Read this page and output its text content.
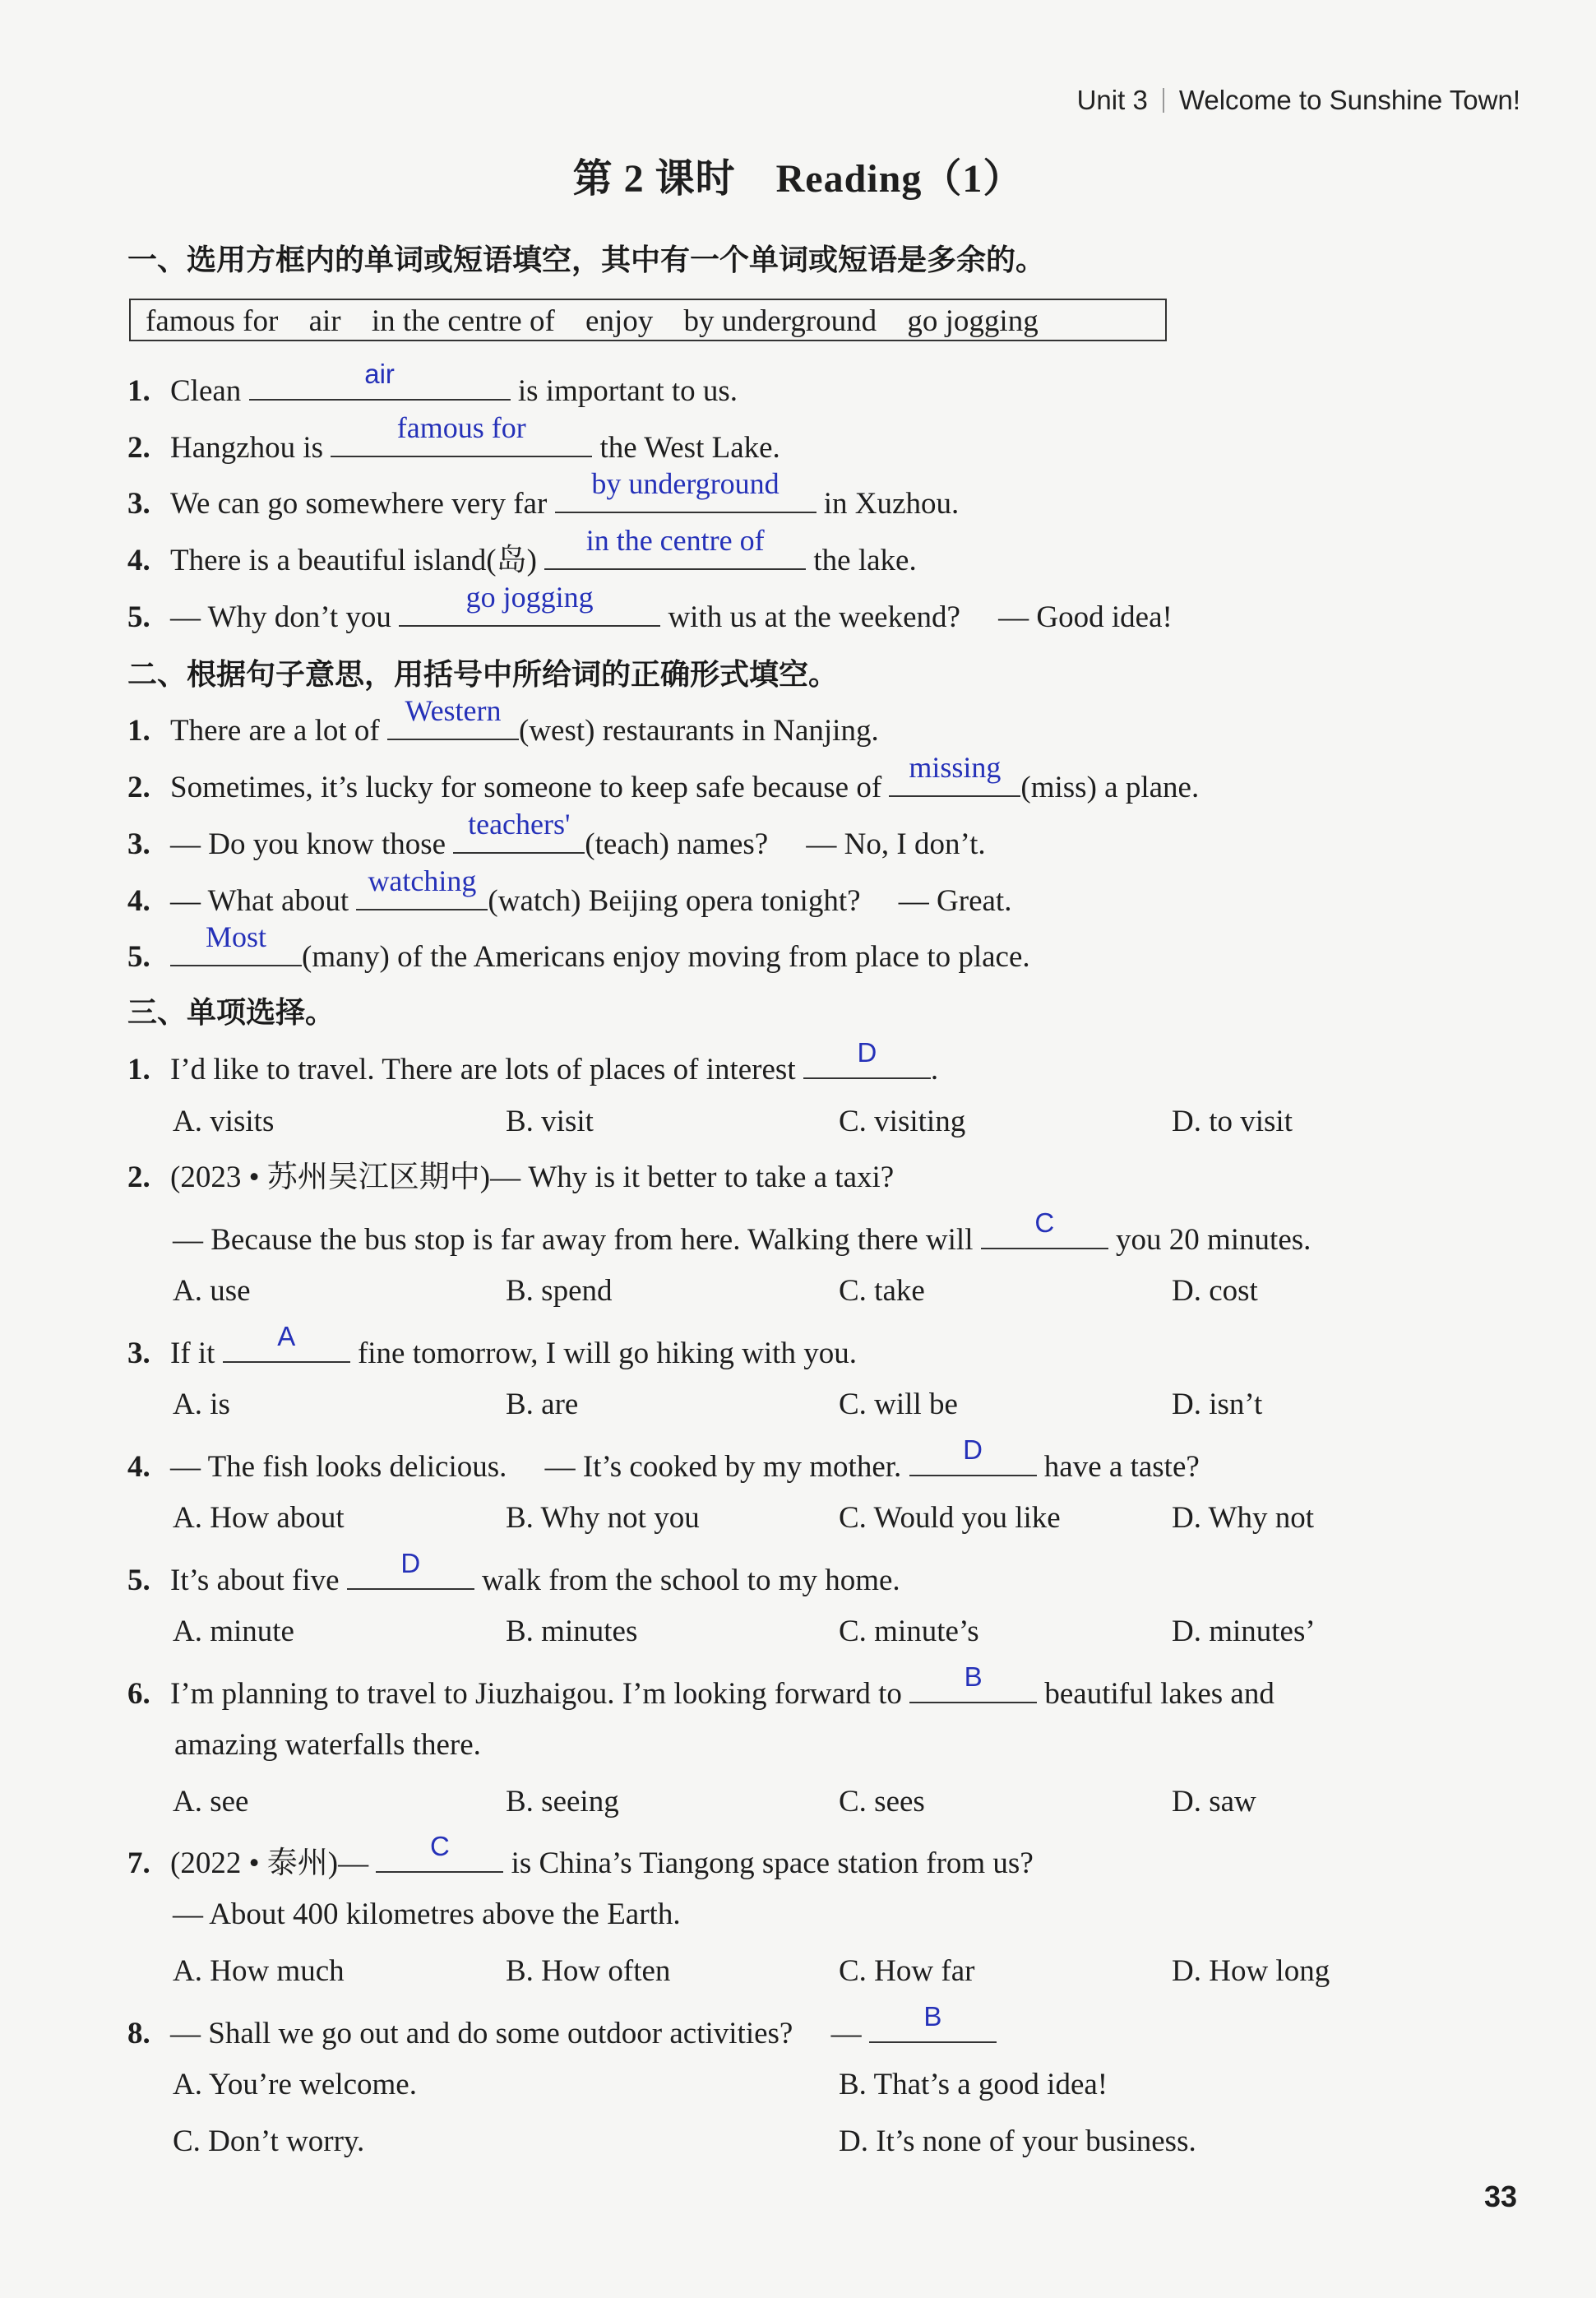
Unit 3 Welcome to Sunshine Town!
第 2 课时　Reading（1）
一、选用方框内的单词或短语填空，其中有一个单词或短语是多余的。
famous for air in the centre of enjoy by underground go jogging
1. Clean
air
is important to us.
2. Hangzhou is
famous for
the West Lake.
3. We can go somewhere very far
by underground
in Xuzhou.
4. There is a beautiful island(岛)
in the centre of
the lake.
5. — Why don’t you
go jogging
with us at the weekend?　 — Good idea!
二、根据句子意思，用括号中所给词的正确形式填空。
1. There are a lot of
Western
(west) restaurants in Nanjing.
2. Sometimes, it’s lucky for someone to keep safe because of
missing
(miss) a plane.
3. — Do you know those
teachers'
(teach) names?　 — No, I don’t.
4. — What about
watching
(watch) Beijing opera tonight?　 — Great.
5.
Most
(many) of the Americans enjoy moving from place to place.
三、单项选择。
1. I’d like to travel. There are lots of places of interest
D
.
A. visits	B. visit	C. visiting	D. to visit
2. (2023 • 苏州吴江区期中)— Why is it better to take a taxi?
— Because the bus stop is far away from here. Walking there will
C
you 20 minutes.
A. use	B. spend	C. take	D. cost
3. If it
A
fine tomorrow, I will go hiking with you.
A. is	B. are	C. will be	D. isn’t
4. — The fish looks delicious.　 — It’s cooked by my mother.
D
have a taste?
A. How about	B. Why not you	C. Would you like	D. Why not
5. It’s about five
D
walk from the school to my home.
A. minute	B. minutes	C. minute’s	D. minutes’
6. I’m planning to travel to Jiuzhaigou. I’m looking forward to
B
beautiful lakes and
amazing waterfalls there.
A. see	B. seeing	C. sees	D. saw
7. (2022 • 泰州)—
C
is China’s Tiangong space station from us?
— About 400 kilometres above the Earth.
A. How much	B. How often	C. How far	D. How long
8. — Shall we go out and do some outdoor activities?　 —
B
A. You’re welcome.	B. That’s a good idea!
C. Don’t worry.	D. It’s none of your business.
33
